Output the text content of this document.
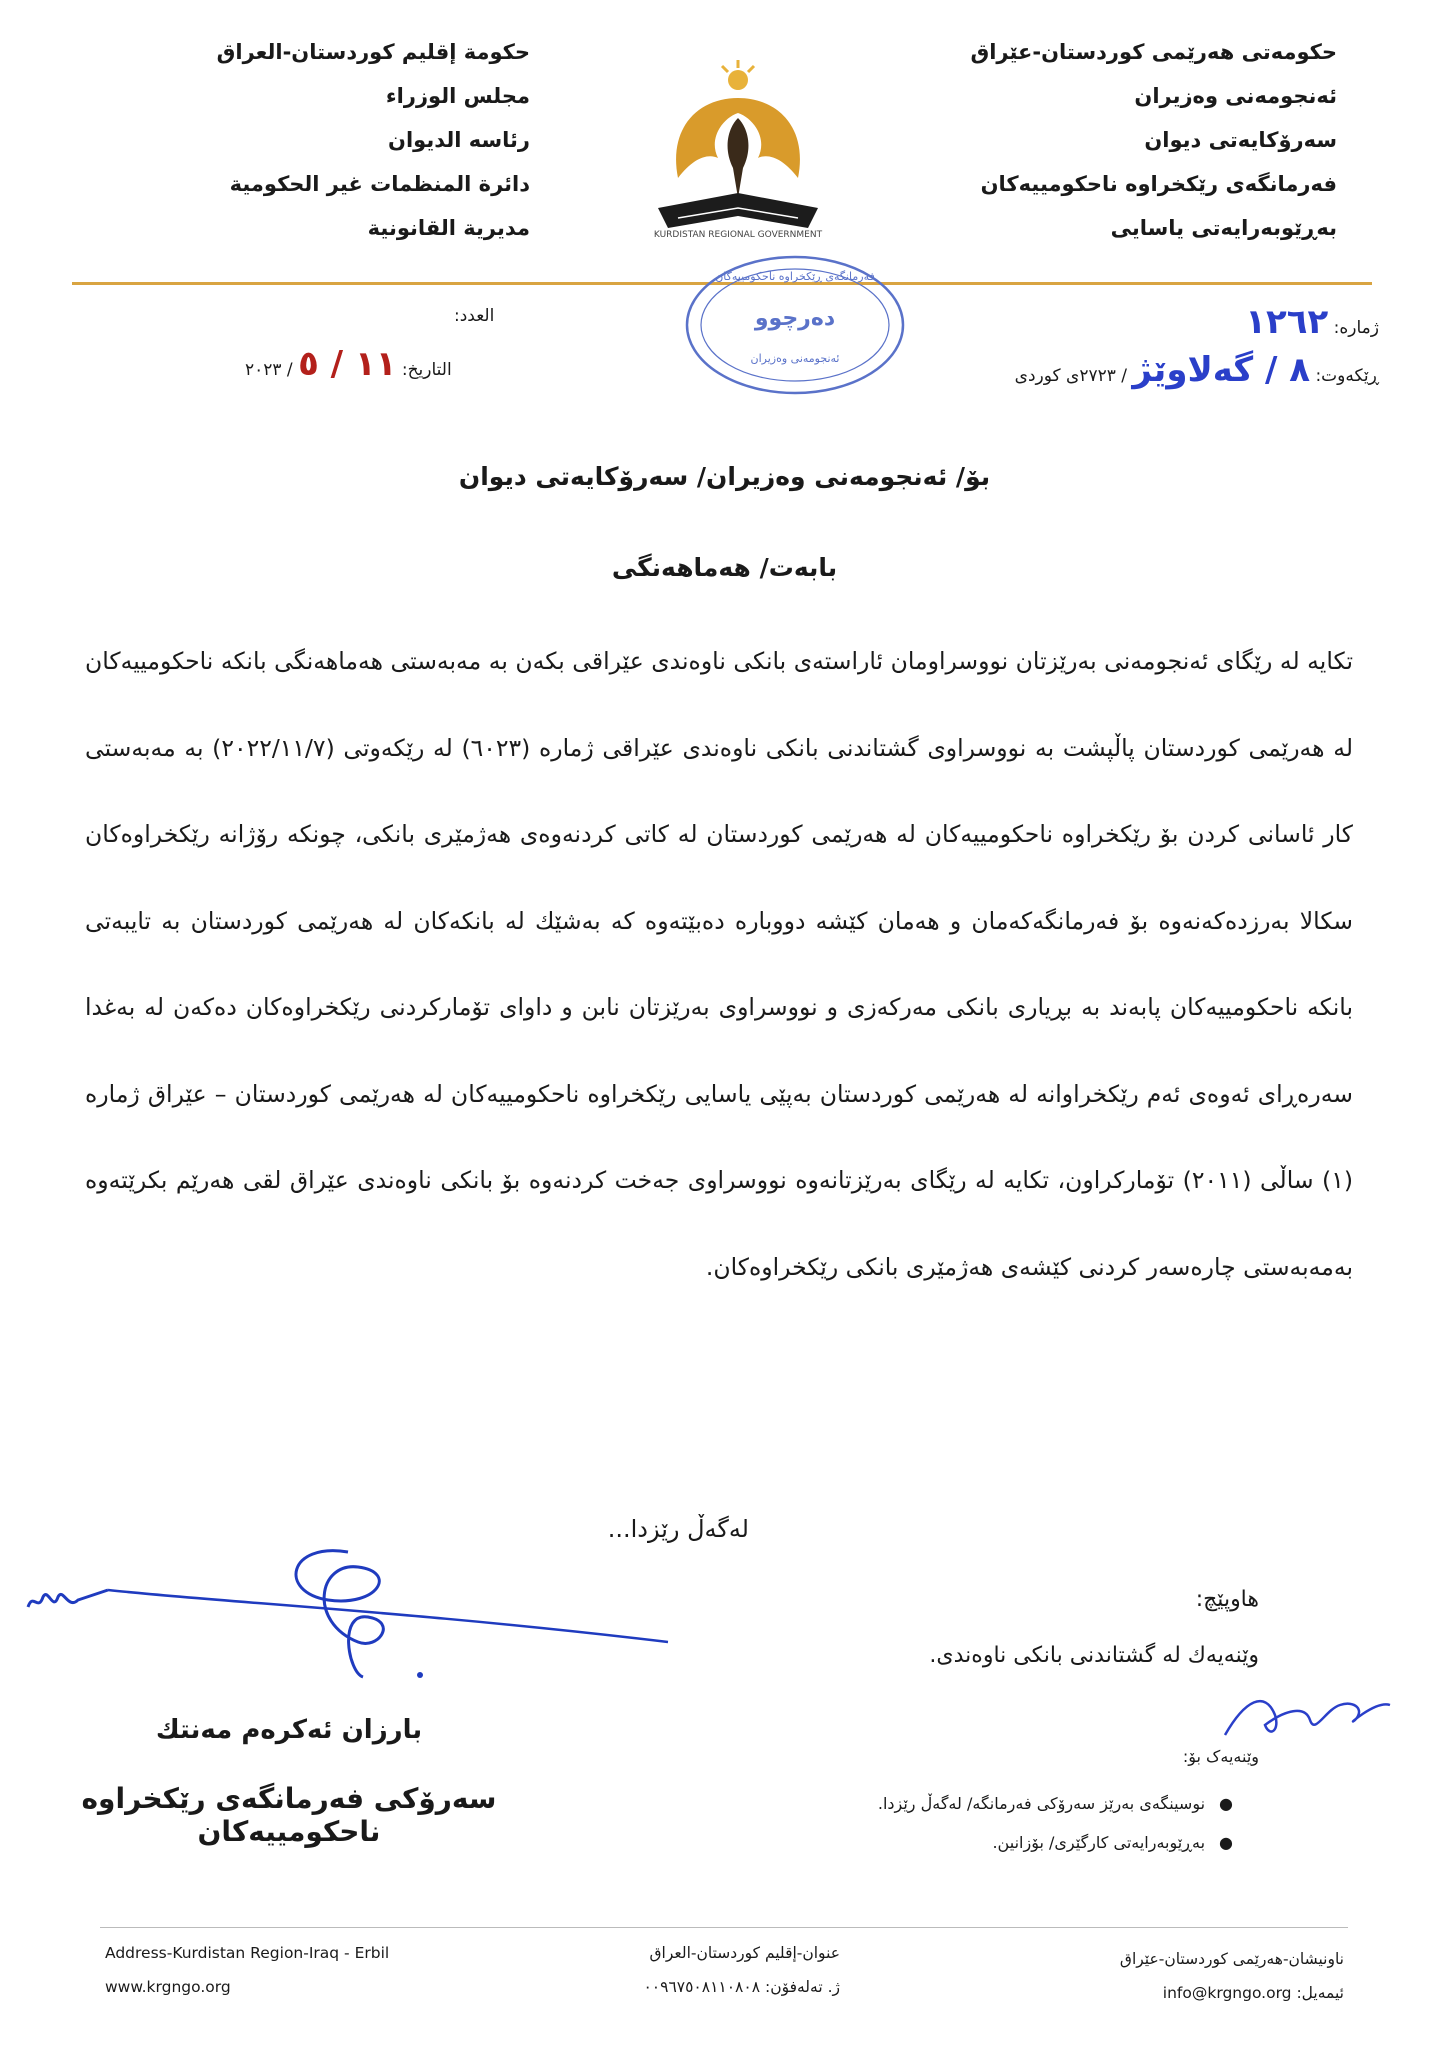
حکومەتی هەرێمی کوردستان-عێراق
ئەنجومەنی وەزیران
سەرۆکایەتی دیوان
فەرمانگەی رێکخراوە ناحکومییەکان
بەڕێوبەرایەتی یاسایی
حكومة إقليم كوردستان-العراق
مجلس الوزراء
رئاسه الديوان
دائرة المنظمات غير الحكومية
مديرية القانونية	KURDISTAN REGIONAL GOVERNMENT
فەرمانگەی ڕێکخراوە ناحکومییەکان
دەرچوو
ئەنجومەنی وەزیران
ژمارە: ١٢٦٢
ڕێکەوت: ٨ / گەلاوێژ / ٢٧٢٣ی کوردی
العدد:
التاريخ: ١١ / ٥ / ٢٠٢٣
بۆ/ ئەنجومەنی وەزیران/ سەرۆکایەتی دیوان
بابەت/ هەماهەنگی

تکایە لە رێگای ئەنجومەنی بەرێزتان نووسراومان ئاراستەی بانکی ناوەندی عێراقی بکەن بە مەبەستی هەماهەنگی بانکە ناحکومییەکان لە هەرێمی کوردستان پاڵپشت بە نووسراوی گشتاندنی بانکی ناوەندی عێراقی ژمارە (٦٠٢٣) لە رێکەوتی (٢٠٢٢/١١/٧) بە مەبەستی کار ئاسانی کردن بۆ رێکخراوە ناحکومییەکان لە هەرێمی کوردستان لە کاتی کردنەوەی هەژمێری بانکی، چونکە رۆژانە رێکخراوەکان سکالا بەرزدەکەنەوە بۆ فەرمانگەکەمان و هەمان کێشە دووبارە دەبێتەوە کە بەشێك لە بانکەکان لە هەرێمی کوردستان بە تایبەتی بانکە ناحکومییەکان پابەند بە بڕیاری بانکی مەرکەزی و نووسراوی بەرێزتان نابن و داوای تۆمارکردنی رێکخراوەکان دەکەن لە بەغدا سەرەڕای ئەوەی ئەم رێکخراوانە لە هەرێمی کوردستان بەپێی یاسایی رێکخراوە ناحکومییەکان لە هەرێمی کوردستان – عێراق ژمارە (١) ساڵی (٢٠١١) تۆمارکراون، تکایە لە رێگای بەرێزتانەوە نووسراوی جەخت کردنەوە بۆ بانکی ناوەندی عێراق لقی هەرێم بکرێتەوە بەمەبەستی چارەسەر کردنی کێشەی هەژمێری بانکی رێکخراوەکان.

لەگەڵ رێزدا...
هاوپێچ:
وێنەیەك لە گشتاندنی بانکی ناوەندی.
وێنەیەک بۆ:
●نوسینگەی بەرێز سەرۆکی فەرمانگە/ لەگەڵ رێزدا.
●بەڕێوبەرایەتی کارگێری/ بۆزانین.
بارزان ئەکرەم مەنتك
سەرۆکی فەرمانگەی رێکخراوە ناحکومییەکان
Address-Kurdistan Region-Iraq - Erbil
www.krgngo.org
عنوان-إقليم كوردستان-العراق
ژ. تەلەفۆن: ٠٠٩٦٧٥٠٨١١٠٨٠٨
ناونیشان-هەرێمی کوردستان-عێراق
ئیمەیل: info@krgngo.org
